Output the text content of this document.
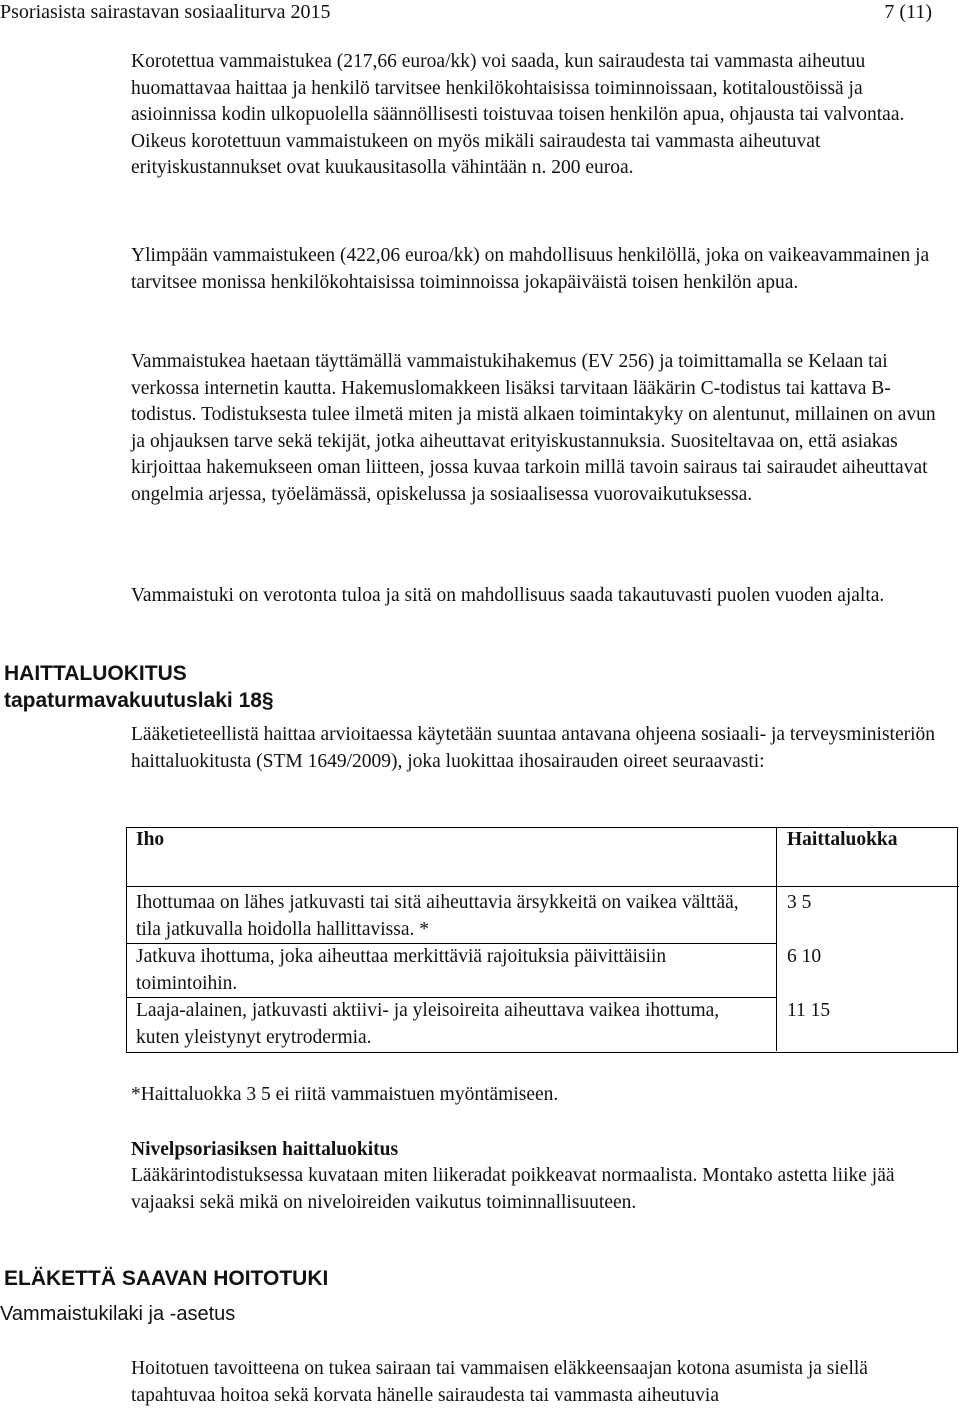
Psoriasista sairastavan sosiaaliturva 2015	7 (11)

Korotettua vammaistukea (217,66 euroa/kk) voi saada, kun sairaudesta tai vammasta aiheutuu huomattavaa haittaa ja henkilö tarvitsee henkilökohtaisissa toiminnoissaan, kotitaloustöissä ja asioinnissa kodin ulkopuolella säännöllisesti toistuvaa toisen henkilön apua, ohjausta tai valvontaa. Oikeus korotettuun vammaistukeen on myös mikäli sairaudesta tai vammasta aiheutuvat erityiskustannukset ovat kuukausitasolla vähintään n. 200 euroa.

Ylimpään vammaistukeen (422,06 euroa/kk) on mahdollisuus henkilöllä, joka on vaikeavammainen ja tarvitsee monissa henkilökohtaisissa toiminnoissa jokapäiväistä toisen henkilön apua.

Vammaistukea haetaan täyttämällä vammaistukihakemus (EV 256) ja toimittamalla se Kelaan tai verkossa internetin kautta. Hakemuslomakkeen lisäksi tarvitaan lääkärin C-todistus tai kattava B-todistus. Todistuksesta tulee ilmetä miten ja mistä alkaen toimintakyky on alentunut, millainen on avun ja ohjauksen tarve sekä tekijät, jotka aiheuttavat erityiskustannuksia. Suositeltavaa on, että asiakas kirjoittaa hakemukseen oman liitteen, jossa kuvaa tarkoin millä tavoin sairaus tai sairaudet aiheuttavat ongelmia arjessa, työelämässä, opiskelussa ja sosiaalisessa vuorovaikutuksessa.

Vammaistuki on verotonta tuloa ja sitä on mahdollisuus saada takautuvasti puolen vuoden ajalta.

HAITTALUOKITUS
tapaturmavakuutuslaki 18§

Lääketieteellistä haittaa arvioitaessa käytetään suuntaa antavana ohjeena sosiaali- ja terveysministeriön haittaluokitusta (STM 1649/2009), joka luokittaa ihosairauden oireet seuraavasti:

Iho	Haittaluokka
Ihottumaa on lähes jatkuvasti tai sitä aiheuttavia ärsykkeitä on vaikea välttää, tila jatkuvalla hoidolla hallittavissa. *	3 5
Jatkuva ihottuma, joka aiheuttaa merkittäviä rajoituksia päivittäisiin toimintoihin.	6 10
Laaja-alainen, jatkuvasti aktiivi- ja yleisoireita aiheuttava vaikea ihottuma, kuten yleistynyt erytrodermia.	11 15

*Haittaluokka 3 5 ei riitä vammaistuen myöntämiseen.

Nivelpsoriasiksen haittaluokitus

Lääkärintodistuksessa kuvataan miten liikeradat poikkeavat normaalista. Montako astetta liike jää vajaaksi sekä mikä on niveloireiden vaikutus toiminnallisuuteen.

ELÄKETTÄ SAAVAN HOITOTUKI
Vammaistukilaki ja -asetus

Hoitotuen tavoitteena on tukea sairaan tai vammaisen eläkkeensaajan kotona asumista ja siellä tapahtuvaa hoitoa sekä korvata hänelle sairaudesta tai vammasta aiheutuvia
